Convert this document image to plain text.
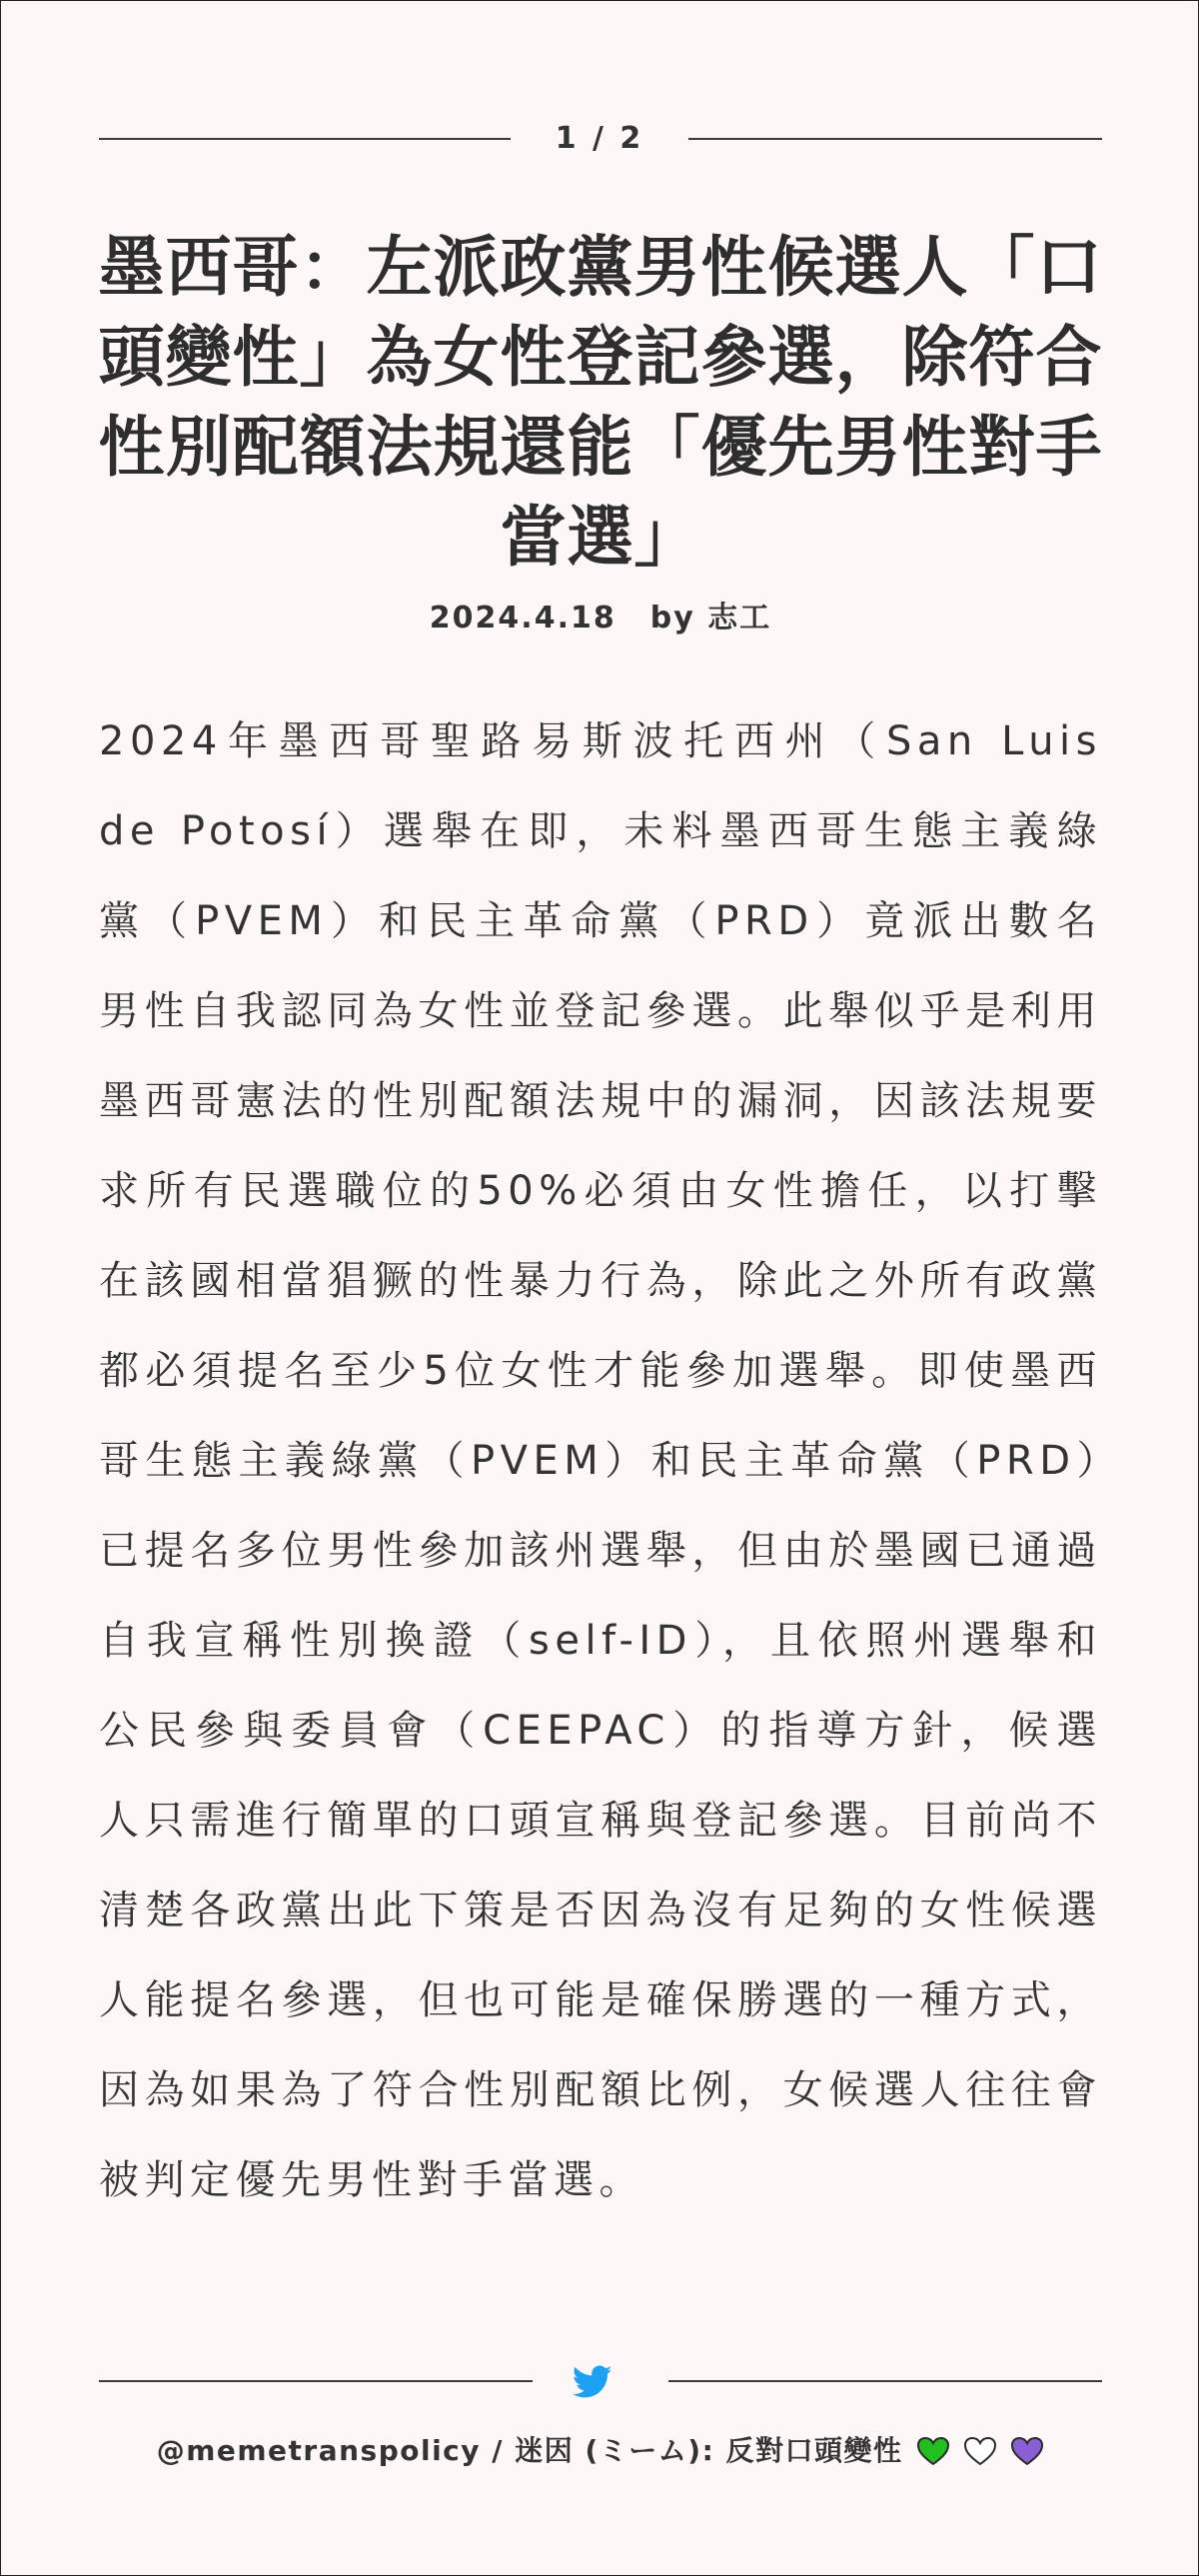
1 / 2
墨西哥：左派政黨男性候選人「口頭變性」為女性登記參選，除符合性別配額法規還能「優先男性對手當選」
2024.4.18 by 志工

2024年墨西哥聖路易斯波托西州（San Luis de Potosí）選舉在即，未料墨西哥生態主義綠黨（PVEM）和民主革命黨（PRD）竟派出數名男性自我認同為女性並登記參選。此舉似乎是利用墨西哥憲法的性別配額法規中的漏洞，因該法規要求所有民選職位的50%必須由女性擔任，以打擊在該國相當猖獗的性暴力行為，除此之外所有政黨都必須提名至少5位女性才能參加選舉。即使墨西哥生態主義綠黨（PVEM）和民主革命黨（PRD）已提名多位男性參加該州選舉，但由於墨國已通過自我宣稱性別換證（self-ID），且依照州選舉和公民參與委員會（CEEPAC）的指導方針，候選人只需進行簡單的口頭宣稱與登記參選。目前尚不清楚各政黨出此下策是否因為沒有足夠的女性候選人能提名參選，但也可能是確保勝選的一種方式，因為如果為了符合性別配額比例，女候選人往往會被判定優先男性對手當選。

@memetranspolicy / 迷因 (ミーム): 反對口頭變性
